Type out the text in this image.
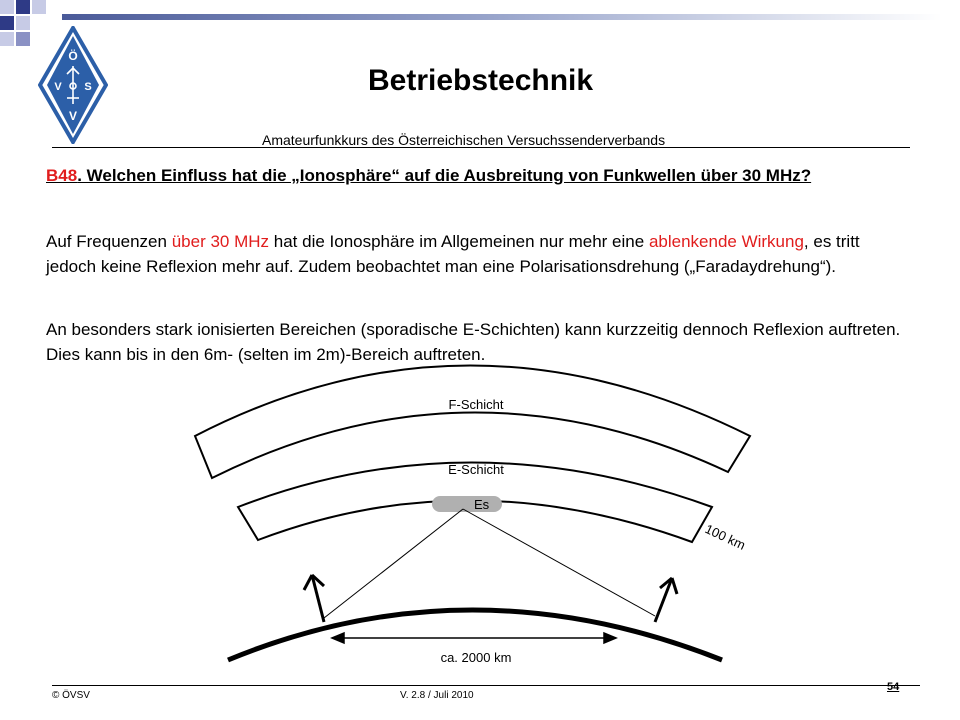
Ö
V S
V
Betriebstechnik
Amateurfunkkurs des Österreichischen Versuchssenderverbands
B48. Welchen Einfluss hat die „Ionosphäre“ auf die Ausbreitung von Funkwellen über 30 MHz?
Auf Frequenzen über 30 MHz hat die Ionosphäre im Allgemeinen nur mehr eine ablenkende Wirkung, es tritt jedoch keine Reflexion mehr auf. Zudem beobachtet man eine Polarisationsdrehung („Faradaydrehung“).
An besonders stark ionisierten Bereichen (sporadische E-Schichten) kann kurzzeitig dennoch Reflexion auftreten. Dies kann bis in den 6m- (selten im 2m)-Bereich auftreten.
F-Schicht
E-Schicht
Es
100 km
ca. 2000 km
© ÖVSV	V. 2.8 / Juli 2010
54
